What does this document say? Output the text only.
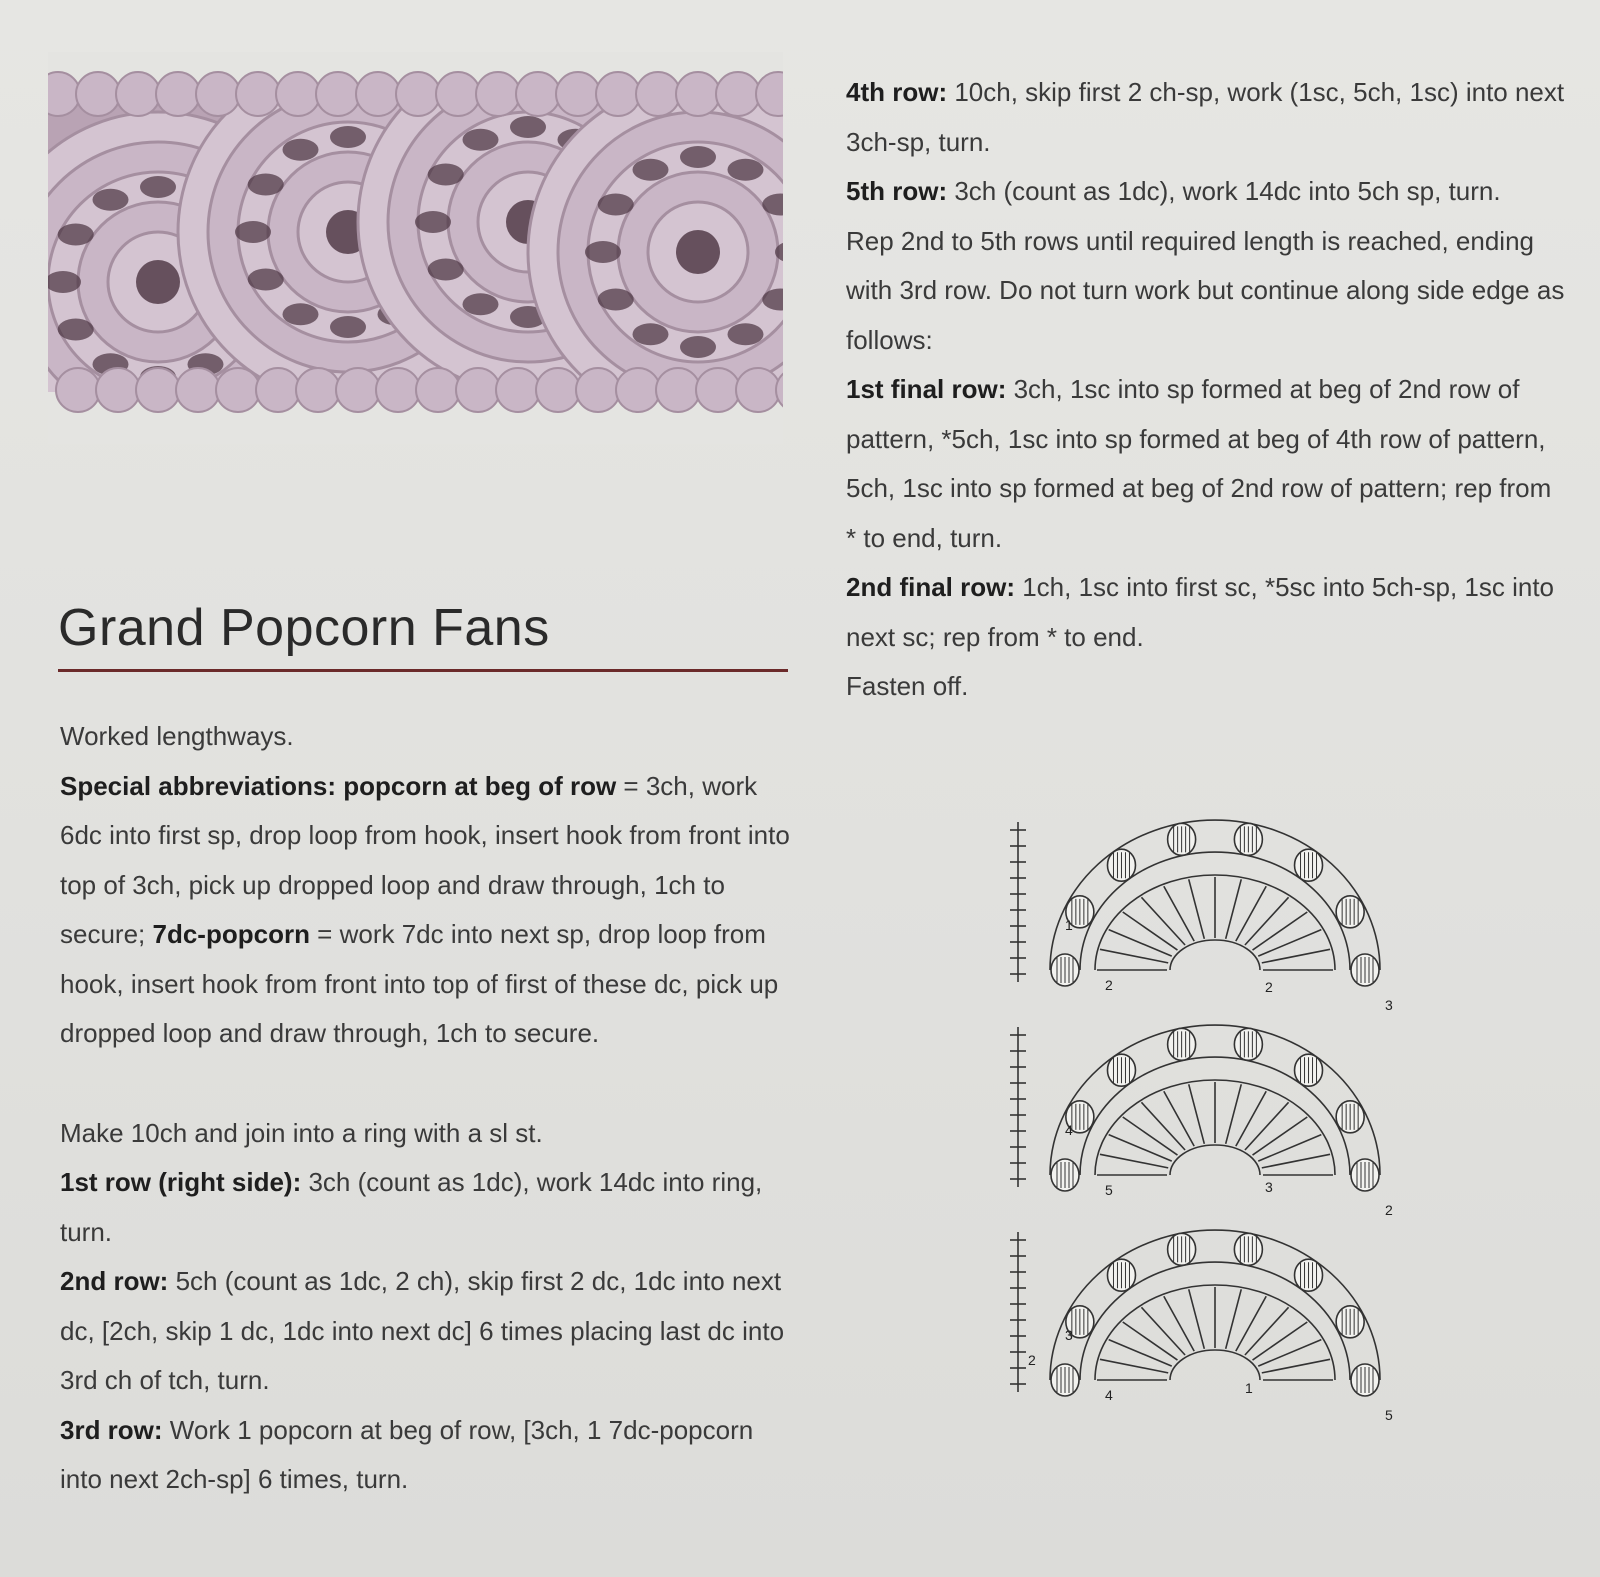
Grand Popcorn Fans

Worked lengthways.

Special abbreviations: popcorn at beg of row = 3ch, work 6dc into first sp, drop loop from hook, insert hook from front into top of 3ch, pick up dropped loop and draw through, 1ch to secure; 7dc-popcorn = work 7dc into next sp, drop loop from hook, insert hook from front into top of first of these dc, pick up dropped loop and draw through, 1ch to secure.

Make 10ch and join into a ring with a sl st.

1st row (right side): 3ch (count as 1dc), work 14dc into ring, turn.

2nd row: 5ch (count as 1dc, 2 ch), skip first 2 dc, 1dc into next dc, [2ch, skip 1 dc, 1dc into next dc] 6 times placing last dc into 3rd ch of tch, turn.

3rd row: Work 1 popcorn at beg of row, [3ch, 1 7dc-popcorn into next 2ch-sp] 6 times, turn.

4th row: 10ch, skip first 2 ch-sp, work (1sc, 5ch, 1sc) into next 3ch-sp, turn.

5th row: 3ch (count as 1dc), work 14dc into 5ch sp, turn.

Rep 2nd to 5th rows until required length is reached, ending with 3rd row. Do not turn work but continue along side edge as follows:

1st final row: 3ch, 1sc into sp formed at beg of 2nd row of pattern, *5ch, 1sc into sp formed at beg of 4th row of pattern, 5ch, 1sc into sp formed at beg of 2nd row of pattern; rep from * to end, turn.

2nd final row: 1ch, 1sc into first sc, *5sc into 5ch-sp, 1sc into next sc; rep from * to end.

Fasten off.

1
2
3
4
5
2
3
4
5
2
3
2
1
